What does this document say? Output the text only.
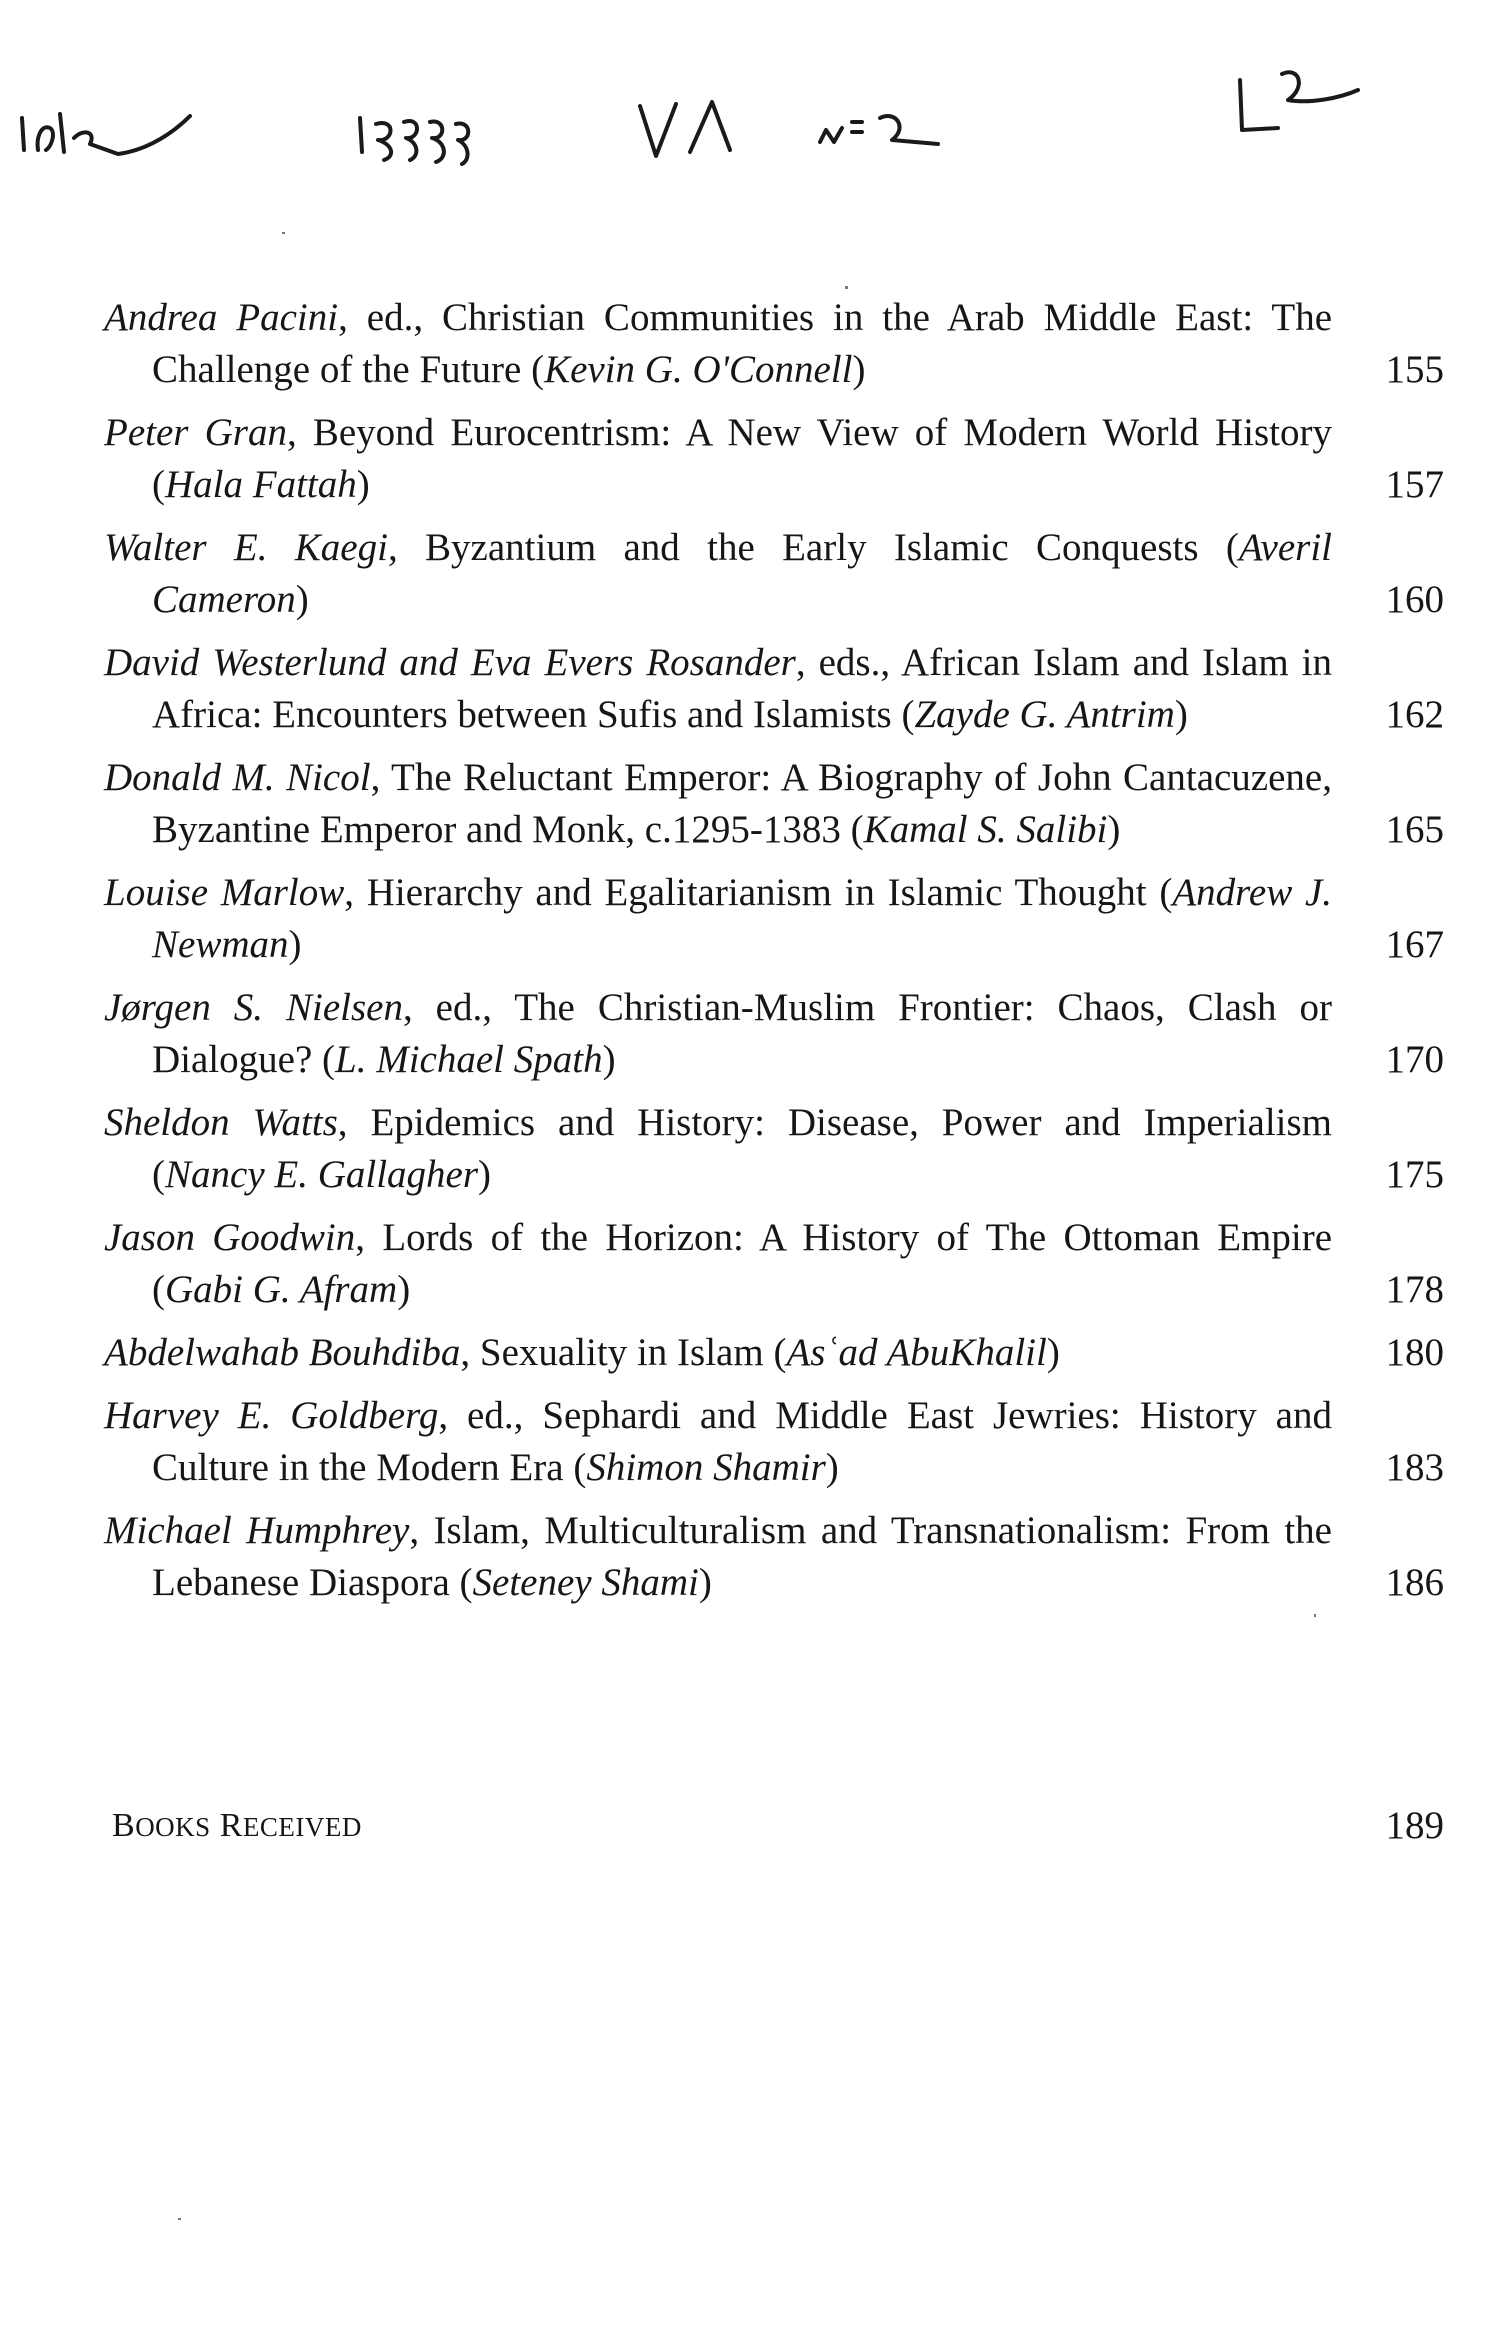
Andrea Pacini, ed., Christian Communities in the Arab Middle East: The Challenge of the Future (Kevin G. O'Connell)	155
Peter Gran, Beyond Eurocentrism: A New View of Modern World History (Hala Fattah)	157
Walter E. Kaegi, Byzantium and the Early Islamic Conquests (Averil Cameron)	160
David Westerlund and Eva Evers Rosander, eds., African Islam and Islam in Africa: Encounters between Sufis and Islamists (Zayde G. Antrim)	162
Donald M. Nicol, The Reluctant Emperor: A Biography of John Cantacuzene, Byzantine Emperor and Monk, c.1295-1383 (Kamal S. Salibi)	165
Louise Marlow, Hierarchy and Egalitarianism in Islamic Thought (Andrew J. Newman)	167
Jørgen S. Nielsen, ed., The Christian-Muslim Frontier: Chaos, Clash or Dialogue? (L. Michael Spath)	170
Sheldon Watts, Epidemics and History: Disease, Power and Imperialism (Nancy E. Gallagher)	175
Jason Goodwin, Lords of the Horizon: A History of The Ottoman Empire (Gabi G. Afram)	178
Abdelwahab Bouhdiba, Sexuality in Islam (Asʿad AbuKhalil)	180
Harvey E. Goldberg, ed., Sephardi and Middle East Jewries: History and Culture in the Modern Era (Shimon Shamir)	183
Michael Humphrey, Islam, Multiculturalism and Transnationalism: From the Lebanese Diaspora (Seteney Shami)	186
BOOKS RECEIVED	189
